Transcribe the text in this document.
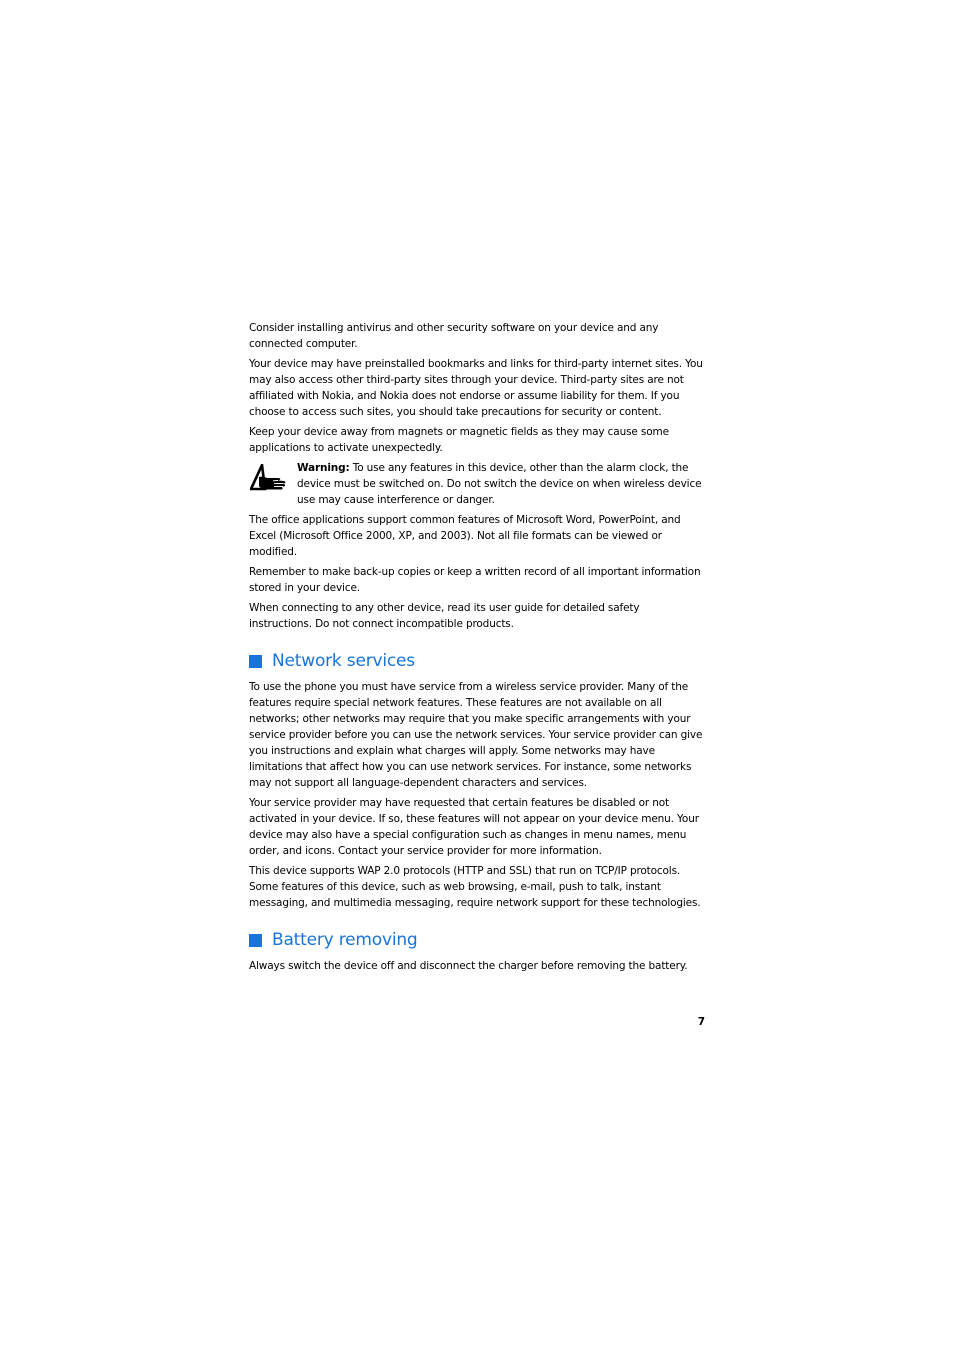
Consider installing antivirus and other security software on your device and any connected computer.

Your device may have preinstalled bookmarks and links for third-party internet sites. You may also access other third-party sites through your device. Third-party sites are not affiliated with Nokia, and Nokia does not endorse or assume liability for them. If you choose to access such sites, you should take precautions for security or content.

Keep your device away from magnets or magnetic fields as they may cause some applications to activate unexpectedly.

Warning: To use any features in this device, other than the alarm clock, the device must be switched on. Do not switch the device on when wireless device use may cause interference or danger.

The office applications support common features of Microsoft Word, PowerPoint, and Excel (Microsoft Office 2000, XP, and 2003). Not all file formats can be viewed or modified.

Remember to make back-up copies or keep a written record of all important information stored in your device.

When connecting to any other device, read its user guide for detailed safety instructions. Do not connect incompatible products.

Network services

To use the phone you must have service from a wireless service provider. Many of the features require special network features. These features are not available on all networks; other networks may require that you make specific arrangements with your service provider before you can use the network services. Your service provider can give you instructions and explain what charges will apply. Some networks may have limitations that affect how you can use network services. For instance, some networks may not support all language-dependent characters and services.

Your service provider may have requested that certain features be disabled or not activated in your device. If so, these features will not appear on your device menu. Your device may also have a special configuration such as changes in menu names, menu order, and icons. Contact your service provider for more information.

This device supports WAP 2.0 protocols (HTTP and SSL) that run on TCP/IP protocols. Some features of this device, such as web browsing, e-mail, push to talk, instant messaging, and multimedia messaging, require network support for these technologies.

Battery removing

Always switch the device off and disconnect the charger before removing the battery.

7
